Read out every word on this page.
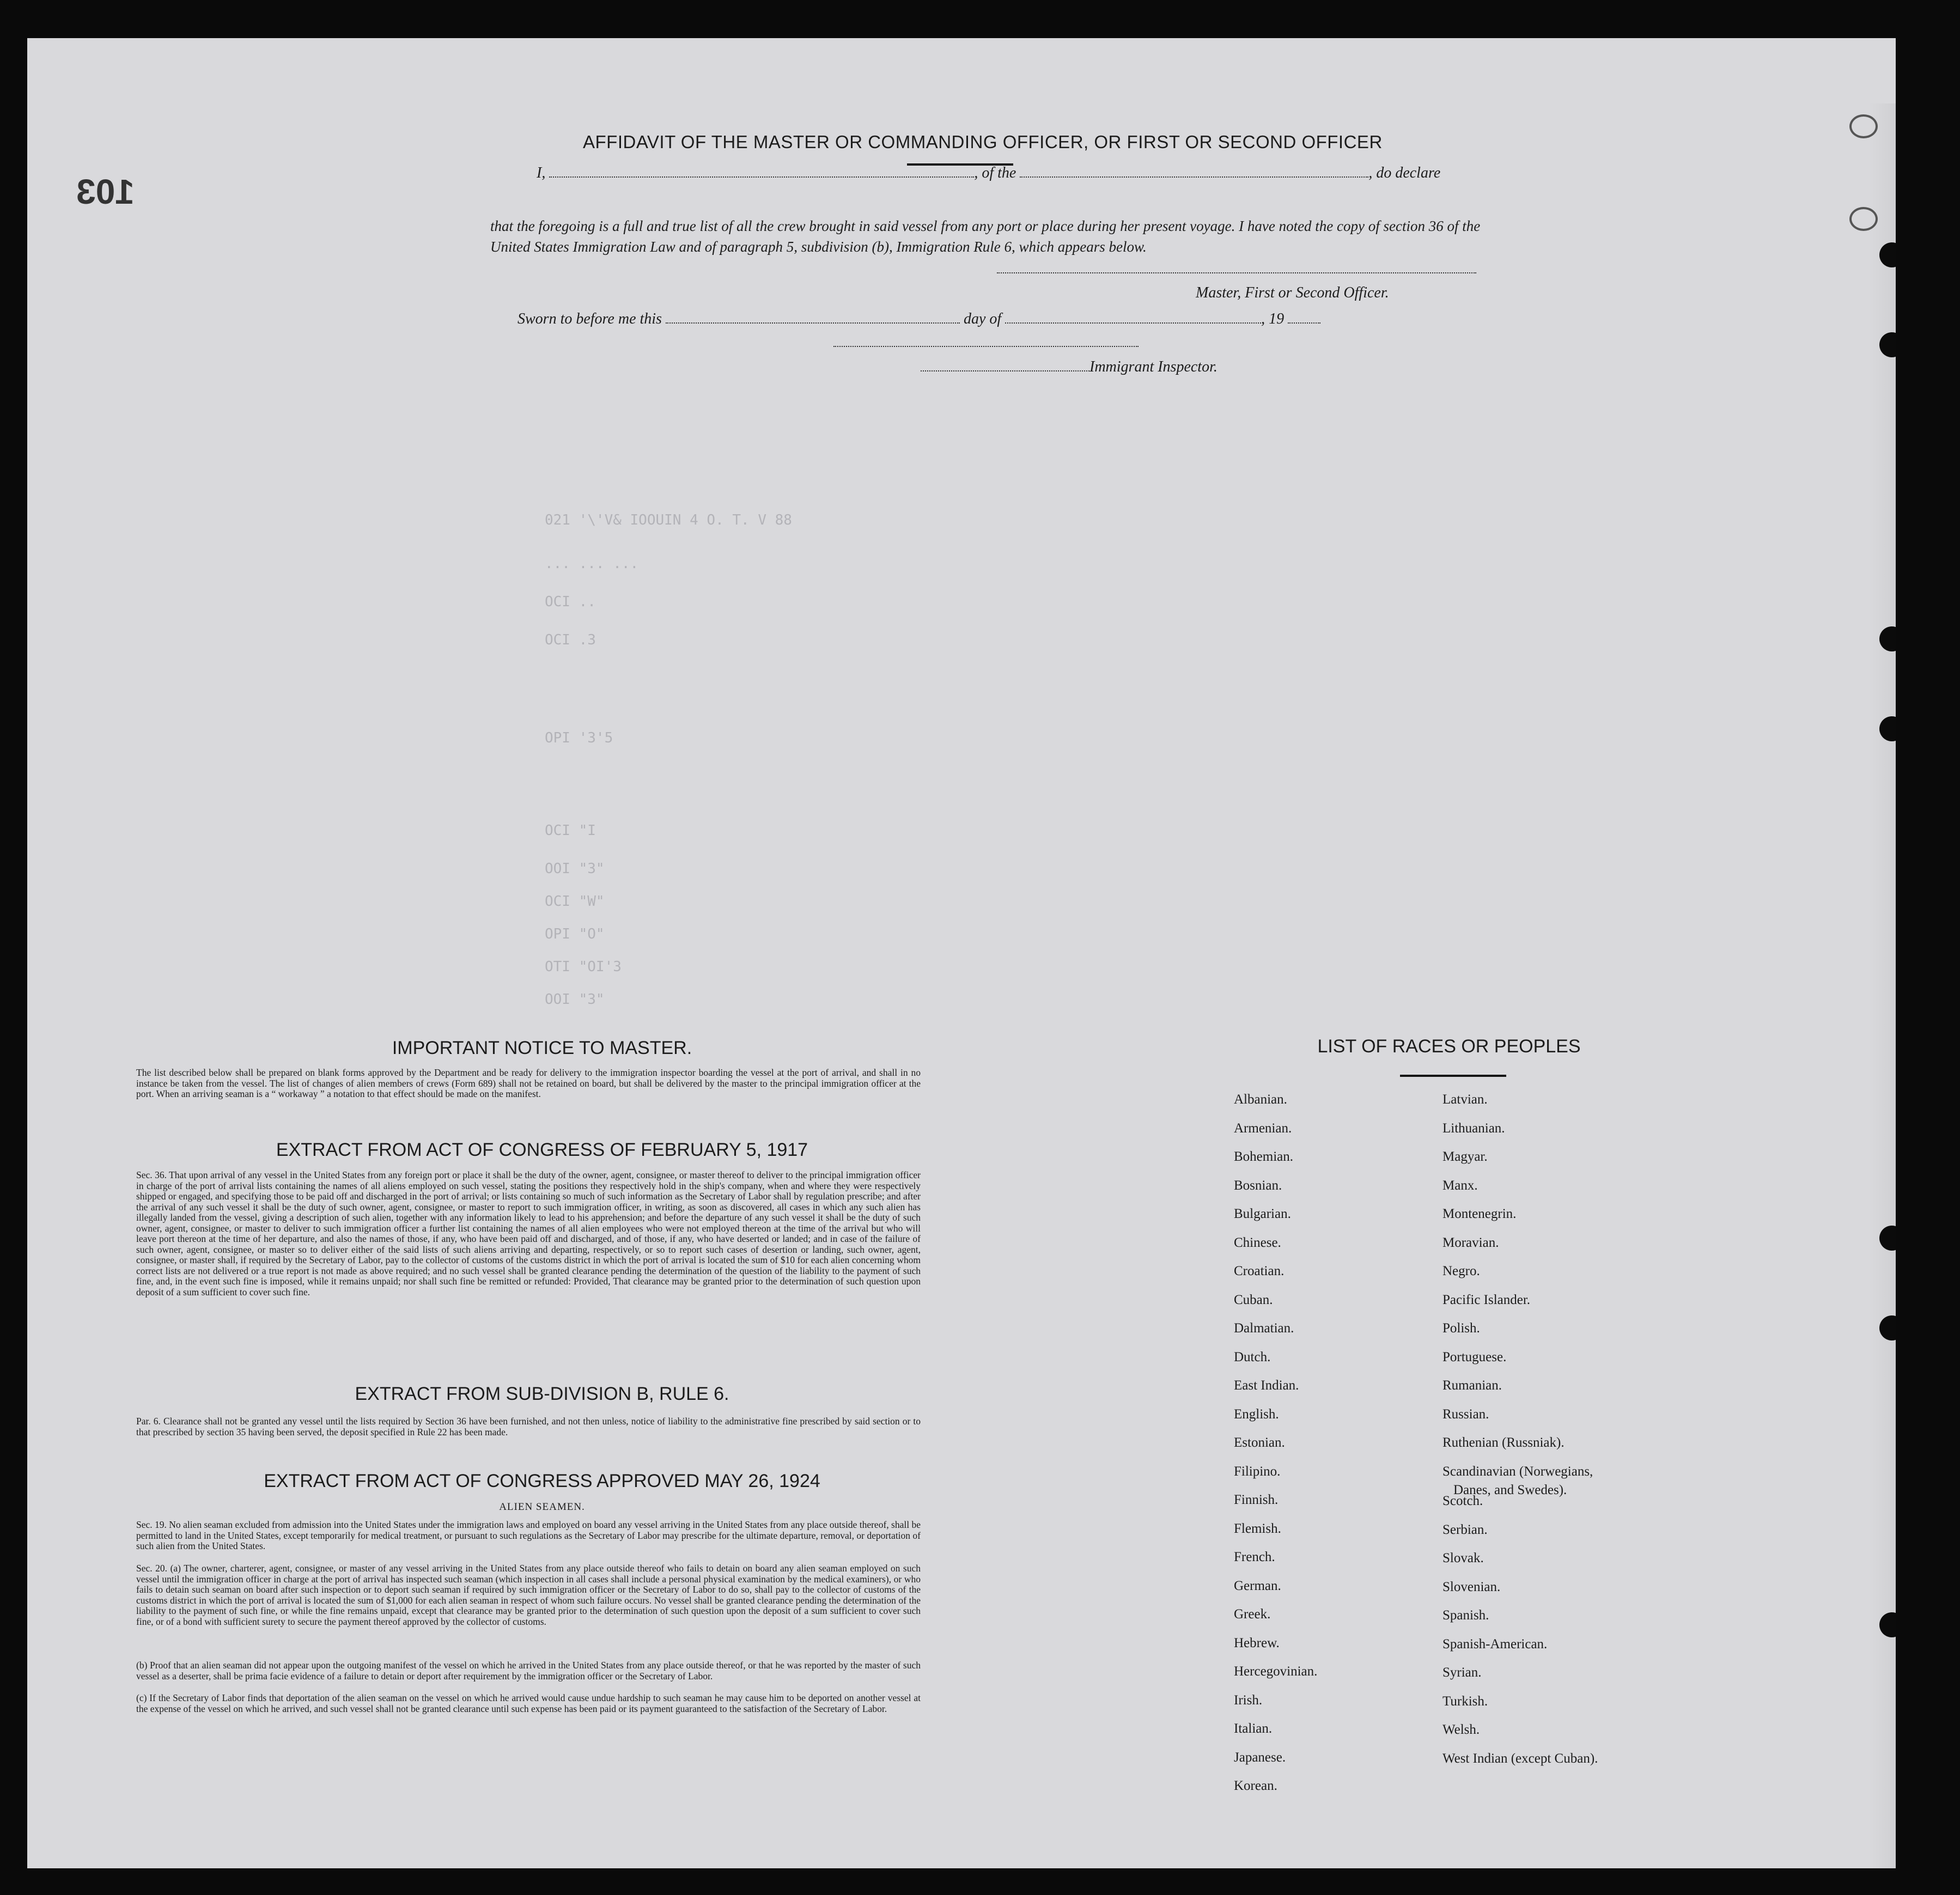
021 '\'V& IOOUIN 4 O. T. V 88
... ... ...
OCI ..
OCI .3
OPI '3'5
OCI "I
OOI "3"
OCI "W"
OPI "O"
OTI "OI'3
OOI "3"
103
AFFIDAVIT OF THE MASTER OR COMMANDING OFFICER, OR FIRST OR SECOND OFFICER
I,	, of the	, do declare
that the foregoing is a full and true list of all the crew brought in said vessel from any port or place during her present voyage. I have noted the copy of section 36 of the United States Immigration Law and of paragraph 5, subdivision (b), Immigration Rule 6, which appears below.
Master, First or Second Officer.
Sworn to before me this	day of	, 19
Immigrant Inspector.
IMPORTANT NOTICE TO MASTER.
The list described below shall be prepared on blank forms approved by the Department and be ready for delivery to the immigration inspector boarding the vessel at the port of arrival, and shall in no instance be taken from the vessel. The list of changes of alien members of crews (Form 689) shall not be retained on board, but shall be delivered by the master to the principal immigration officer at the port. When an arriving seaman is a “ workaway ” a notation to that effect should be made on the manifest.
EXTRACT FROM ACT OF CONGRESS OF FEBRUARY 5, 1917
Sec. 36. That upon arrival of any vessel in the United States from any foreign port or place it shall be the duty of the owner, agent, consignee, or master thereof to deliver to the principal immigration officer in charge of the port of arrival lists containing the names of all aliens employed on such vessel, stating the positions they respectively hold in the ship's company, when and where they were respectively shipped or engaged, and specifying those to be paid off and discharged in the port of arrival; or lists containing so much of such information as the Secretary of Labor shall by regulation prescribe; and after the arrival of any such vessel it shall be the duty of such owner, agent, consignee, or master to report to such immigration officer, in writing, as soon as discovered, all cases in which any such alien has illegally landed from the vessel, giving a description of such alien, together with any information likely to lead to his apprehension; and before the departure of any such vessel it shall be the duty of such owner, agent, consignee, or master to deliver to such immigration officer a further list containing the names of all alien employees who were not employed thereon at the time of the arrival but who will leave port thereon at the time of her departure, and also the names of those, if any, who have been paid off and discharged, and of those, if any, who have deserted or landed; and in case of the failure of such owner, agent, consignee, or master so to deliver either of the said lists of such aliens arriving and departing, respectively, or so to report such cases of desertion or landing, such owner, agent, consignee, or master shall, if required by the Secretary of Labor, pay to the collector of customs of the customs district in which the port of arrival is located the sum of $10 for each alien concerning whom correct lists are not delivered or a true report is not made as above required; and no such vessel shall be granted clearance pending the determination of the question of the liability to the payment of such fine, and, in the event such fine is imposed, while it remains unpaid; nor shall such fine be remitted or refunded: Provided, That clearance may be granted prior to the determination of such question upon deposit of a sum sufficient to cover such fine.
EXTRACT FROM SUB-DIVISION B, RULE 6.
Par. 6. Clearance shall not be granted any vessel until the lists required by Section 36 have been furnished, and not then unless, notice of liability to the administrative fine prescribed by said section or to that prescribed by section 35 having been served, the deposit specified in Rule 22 has been made.
EXTRACT FROM ACT OF CONGRESS APPROVED MAY 26, 1924
ALIEN SEAMEN.
Sec. 19. No alien seaman excluded from admission into the United States under the immigration laws and employed on board any vessel arriving in the United States from any place outside thereof, shall be permitted to land in the United States, except temporarily for medical treatment, or pursuant to such regulations as the Secretary of Labor may prescribe for the ultimate departure, removal, or deportation of such alien from the United States.
Sec. 20. (a) The owner, charterer, agent, consignee, or master of any vessel arriving in the United States from any place outside thereof who fails to detain on board any alien seaman employed on such vessel until the immigration officer in charge at the port of arrival has inspected such seaman (which inspection in all cases shall include a personal physical examination by the medical examiners), or who fails to detain such seaman on board after such inspection or to deport such seaman if required by such immigration officer or the Secretary of Labor to do so, shall pay to the collector of customs of the customs district in which the port of arrival is located the sum of $1,000 for each alien seaman in respect of whom such failure occurs. No vessel shall be granted clearance pending the determination of the liability to the payment of such fine, or while the fine remains unpaid, except that clearance may be granted prior to the determination of such question upon the deposit of a sum sufficient to cover such fine, or of a bond with sufficient surety to secure the payment thereof approved by the collector of customs.
(b) Proof that an alien seaman did not appear upon the outgoing manifest of the vessel on which he arrived in the United States from any place outside thereof, or that he was reported by the master of such vessel as a deserter, shall be prima facie evidence of a failure to detain or deport after requirement by the immigration officer or the Secretary of Labor.
(c) If the Secretary of Labor finds that deportation of the alien seaman on the vessel on which he arrived would cause undue hardship to such seaman he may cause him to be deported on another vessel at the expense of the vessel on which he arrived, and such vessel shall not be granted clearance until such expense has been paid or its payment guaranteed to the satisfaction of the Secretary of Labor.
LIST OF RACES OR PEOPLES
Albanian.
Armenian.
Bohemian.
Bosnian.
Bulgarian.
Chinese.
Croatian.
Cuban.
Dalmatian.
Dutch.
East Indian.
English.
Estonian.
Filipino.
Finnish.
Flemish.
French.
German.
Greek.
Hebrew.
Hercegovinian.
Irish.
Italian.
Japanese.
Korean.
Latvian.
Lithuanian.
Magyar.
Manx.
Montenegrin.
Moravian.
Negro.
Pacific Islander.
Polish.
Portuguese.
Rumanian.
Russian.
Ruthenian (Russniak).
Scandinavian (Norwegians,
Danes, and Swedes).
Scotch.
Serbian.
Slovak.
Slovenian.
Spanish.
Spanish-American.
Syrian.
Turkish.
Welsh.
West Indian (except Cuban).
